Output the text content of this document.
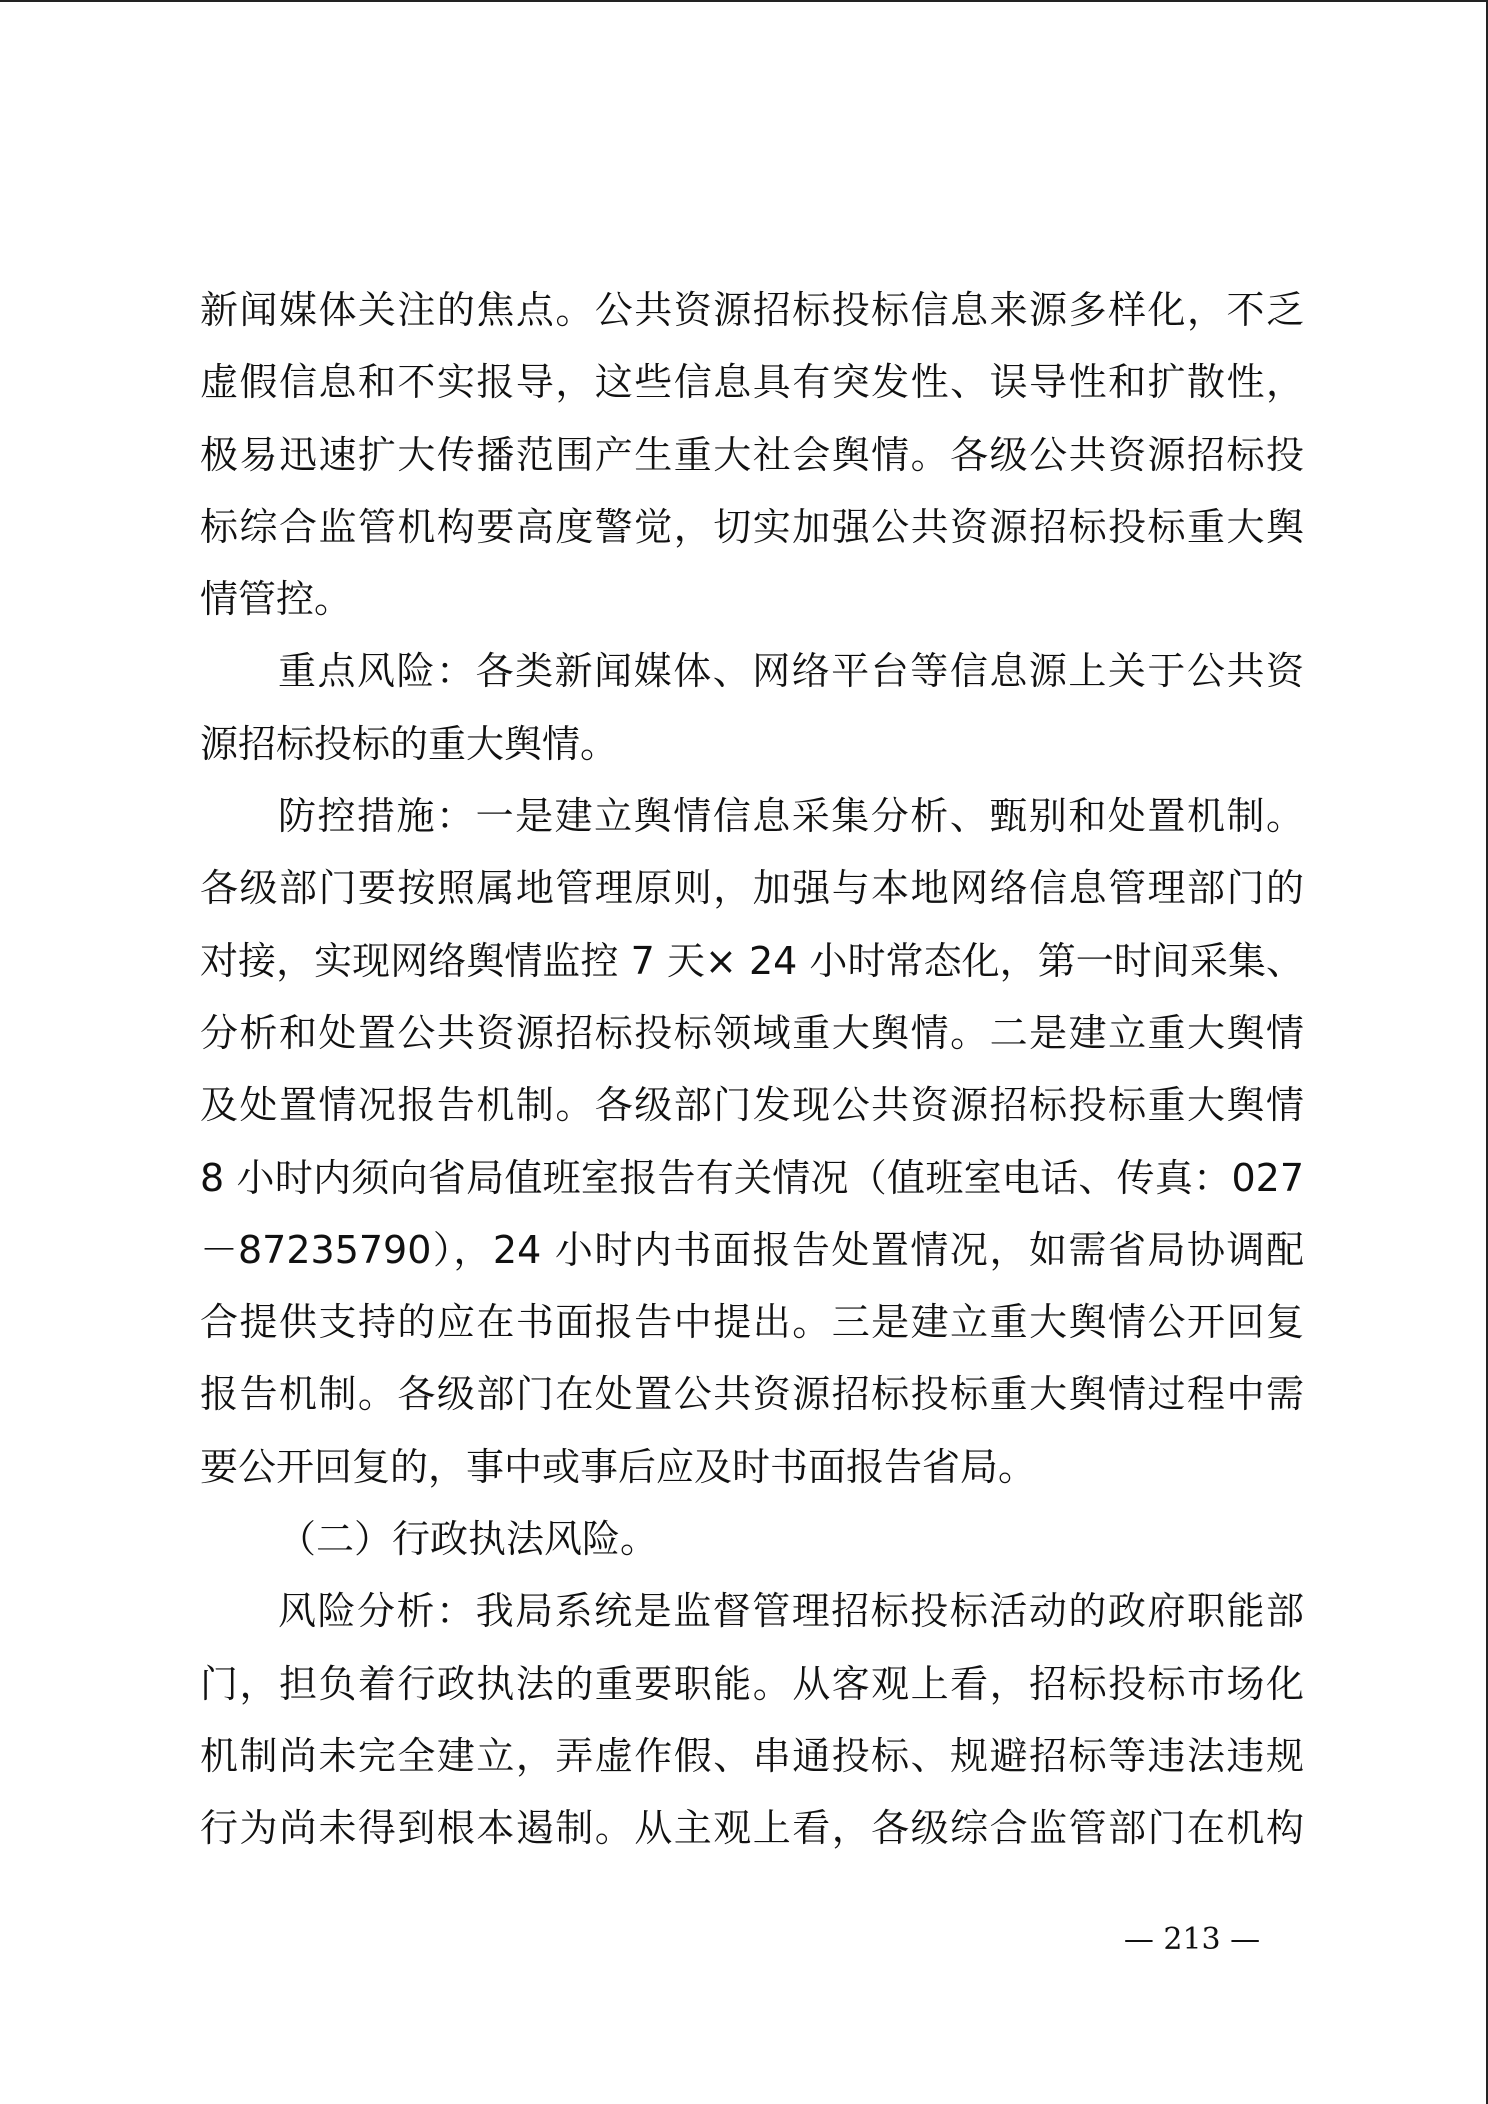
新闻媒体关注的焦点。公共资源招标投标信息来源多样化，不乏
虚假信息和不实报导，这些信息具有突发性、误导性和扩散性，
极易迅速扩大传播范围产生重大社会舆情。各级公共资源招标投
标综合监管机构要高度警觉，切实加强公共资源招标投标重大舆
情管控。
重点风险：各类新闻媒体、网络平台等信息源上关于公共资
源招标投标的重大舆情。
防控措施：一是建立舆情信息采集分析、甄别和处置机制。
各级部门要按照属地管理原则，加强与本地网络信息管理部门的
对接，实现网络舆情监控 7 天× 24 小时常态化，第一时间采集、
分析和处置公共资源招标投标领域重大舆情。二是建立重大舆情
及处置情况报告机制。各级部门发现公共资源招标投标重大舆情
8 小时内须向省局值班室报告有关情况（值班室电话、传真：027
－87235790），24 小时内书面报告处置情况，如需省局协调配
合提供支持的应在书面报告中提出。三是建立重大舆情公开回复
报告机制。各级部门在处置公共资源招标投标重大舆情过程中需
要公开回复的，事中或事后应及时书面报告省局。
（二）行政执法风险。
风险分析：我局系统是监督管理招标投标活动的政府职能部
门，担负着行政执法的重要职能。从客观上看，招标投标市场化
机制尚未完全建立，弄虚作假、串通投标、规避招标等违法违规
行为尚未得到根本遏制。从主观上看，各级综合监管部门在机构
— 213 —
